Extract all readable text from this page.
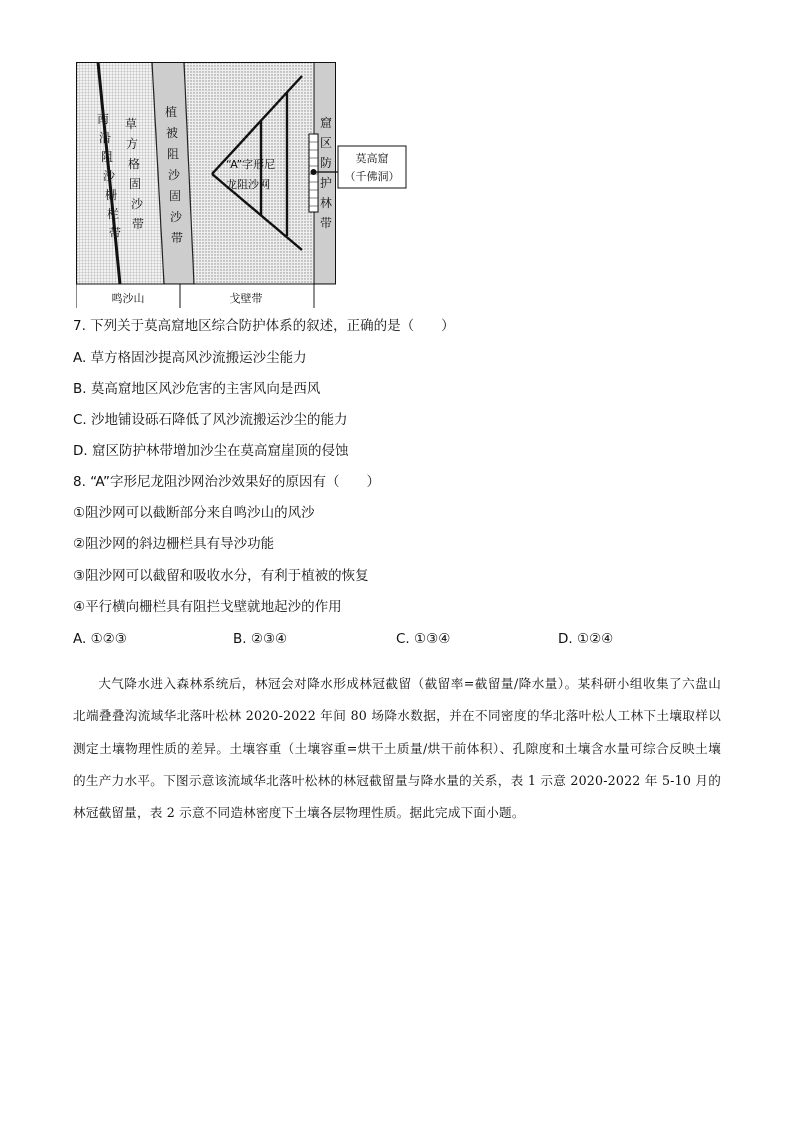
莫高窟
（千佛洞）
南
沿
阻
沙
栅
栏
带
草
方
格
固
沙
带
植
被
阻
沙
固
沙
带
窟
区
防
护
林
带
“A”字形尼
龙阻沙网
鸣沙山	戈壁带
7. 下列关于莫高窟地区综合防护体系的叙述，正确的是（　　）
A. 草方格固沙提高风沙流搬运沙尘能力
B. 莫高窟地区风沙危害的主害风向是西风
C. 沙地铺设砾石降低了风沙流搬运沙尘的能力
D. 窟区防护林带增加沙尘在莫高窟崖顶的侵蚀
8. “A”字形尼龙阻沙网治沙效果好的原因有（　　）
①阻沙网可以截断部分来自鸣沙山的风沙
②阻沙网的斜边栅栏具有导沙功能
③阻沙网可以截留和吸收水分，有利于植被的恢复
④平行横向栅栏具有阻拦戈壁就地起沙的作用
A. ①②③	B. ②③④	C. ①③④	D. ①②④
大气降水进入森林系统后，林冠会对降水形成林冠截留（截留率=截留量/降水量）。某科研小组收集了六盘山北端叠叠沟流域华北落叶松林 2020-2022 年间 80 场降水数据，并在不同密度的华北落叶松人工林下土壤取样以测定土壤物理性质的差异。土壤容重（土壤容重=烘干土质量/烘干前体积）、孔隙度和土壤含水量可综合反映土壤的生产力水平。下图示意该流域华北落叶松林的林冠截留量与降水量的关系，表 1 示意 2020-2022 年 5-10 月的林冠截留量，表 2 示意不同造林密度下土壤各层物理性质。据此完成下面小题。
